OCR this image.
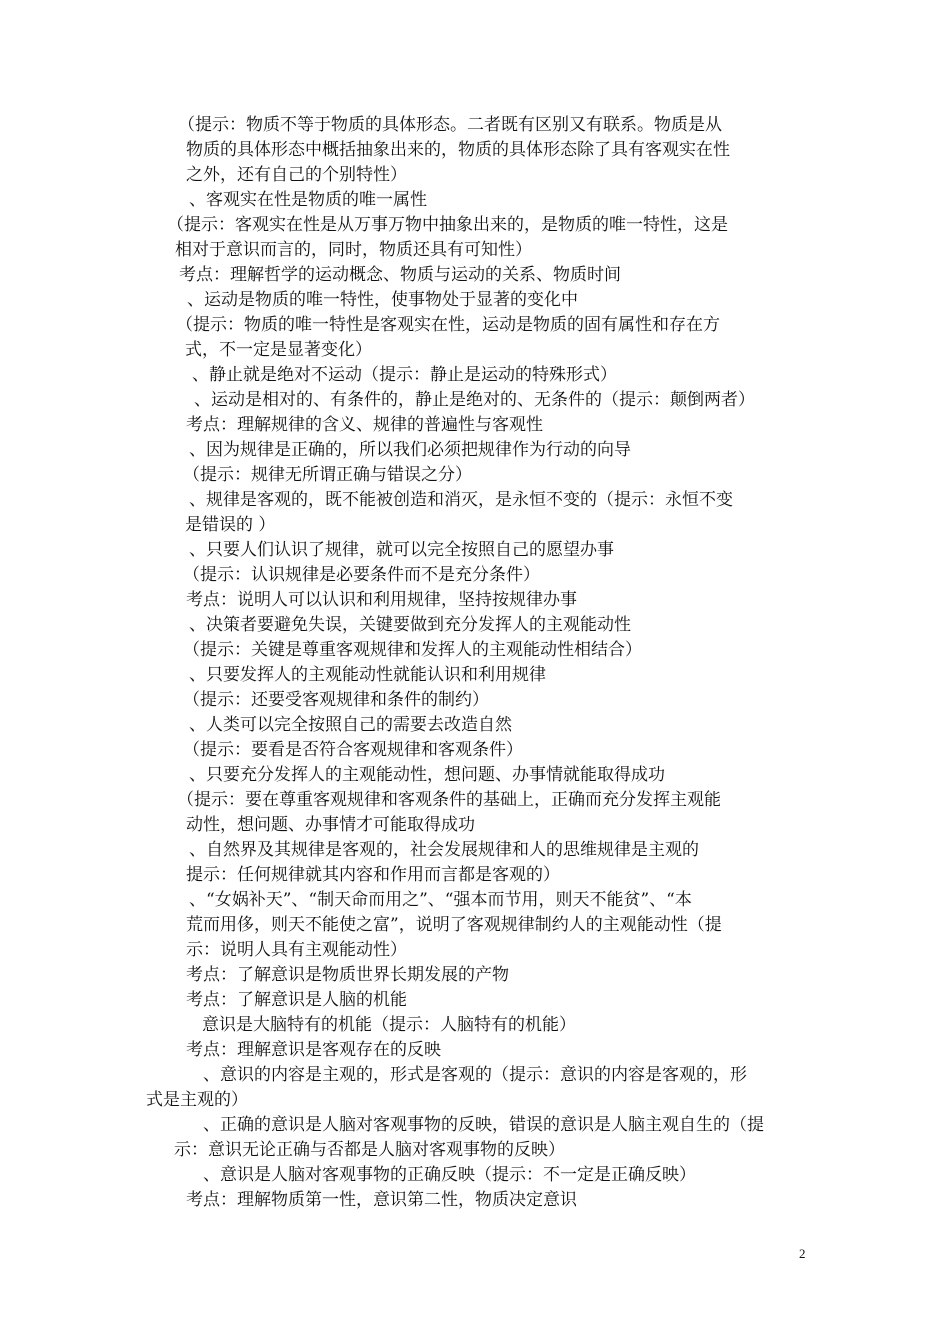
（提示：物质不等于物质的具体形态。二者既有区别又有联系。物质是从
物质的具体形态中概括抽象出来的，物质的具体形态除了具有客观实在性
之外，还有自己的个别特性）
、客观实在性是物质的唯一属性
（提示：客观实在性是从万事万物中抽象出来的，是物质的唯一特性，这是
相对于意识而言的，同时，物质还具有可知性）
考点：理解哲学的运动概念、物质与运动的关系、物质时间
、运动是物质的唯一特性，使事物处于显著的变化中
（提示：物质的唯一特性是客观实在性，运动是物质的固有属性和存在方
式，不一定是显著变化）
、静止就是绝对不运动（提示：静止是运动的特殊形式）
、运动是相对的、有条件的，静止是绝对的、无条件的（提示：颠倒两者）
考点：理解规律的含义、规律的普遍性与客观性
、因为规律是正确的，所以我们必须把规律作为行动的向导
（提示：规律无所谓正确与错误之分）
、规律是客观的，既不能被创造和消灭，是永恒不变的（提示：永恒不变
是错误的 ）
、只要人们认识了规律，就可以完全按照自己的愿望办事
（提示：认识规律是必要条件而不是充分条件）
考点：说明人可以认识和利用规律，坚持按规律办事
、决策者要避免失误，关键要做到充分发挥人的主观能动性
（提示：关键是尊重客观规律和发挥人的主观能动性相结合）
、只要发挥人的主观能动性就能认识和利用规律
（提示：还要受客观规律和条件的制约）
、人类可以完全按照自己的需要去改造自然
（提示：要看是否符合客观规律和客观条件）
、只要充分发挥人的主观能动性，想问题、办事情就能取得成功
（提示：要在尊重客观规律和客观条件的基础上，正确而充分发挥主观能
动性，想问题、办事情才可能取得成功
、自然界及其规律是客观的，社会发展规律和人的思维规律是主观的
提示：任何规律就其内容和作用而言都是客观的）
、“女娲补天”、“制天命而用之”、“强本而节用，则天不能贫”、“本
荒而用侈，则天不能使之富”，说明了客观规律制约人的主观能动性（提
示：说明人具有主观能动性）
考点：了解意识是物质世界长期发展的产物
考点：了解意识是人脑的机能
意识是大脑特有的机能（提示：人脑特有的机能）
考点：理解意识是客观存在的反映
、意识的内容是主观的，形式是客观的（提示：意识的内容是客观的，形
式是主观的）
、正确的意识是人脑对客观事物的反映，错误的意识是人脑主观自生的（提
示：意识无论正确与否都是人脑对客观事物的反映）
、意识是人脑对客观事物的正确反映（提示：不一定是正确反映）
考点：理解物质第一性，意识第二性，物质决定意识
2
